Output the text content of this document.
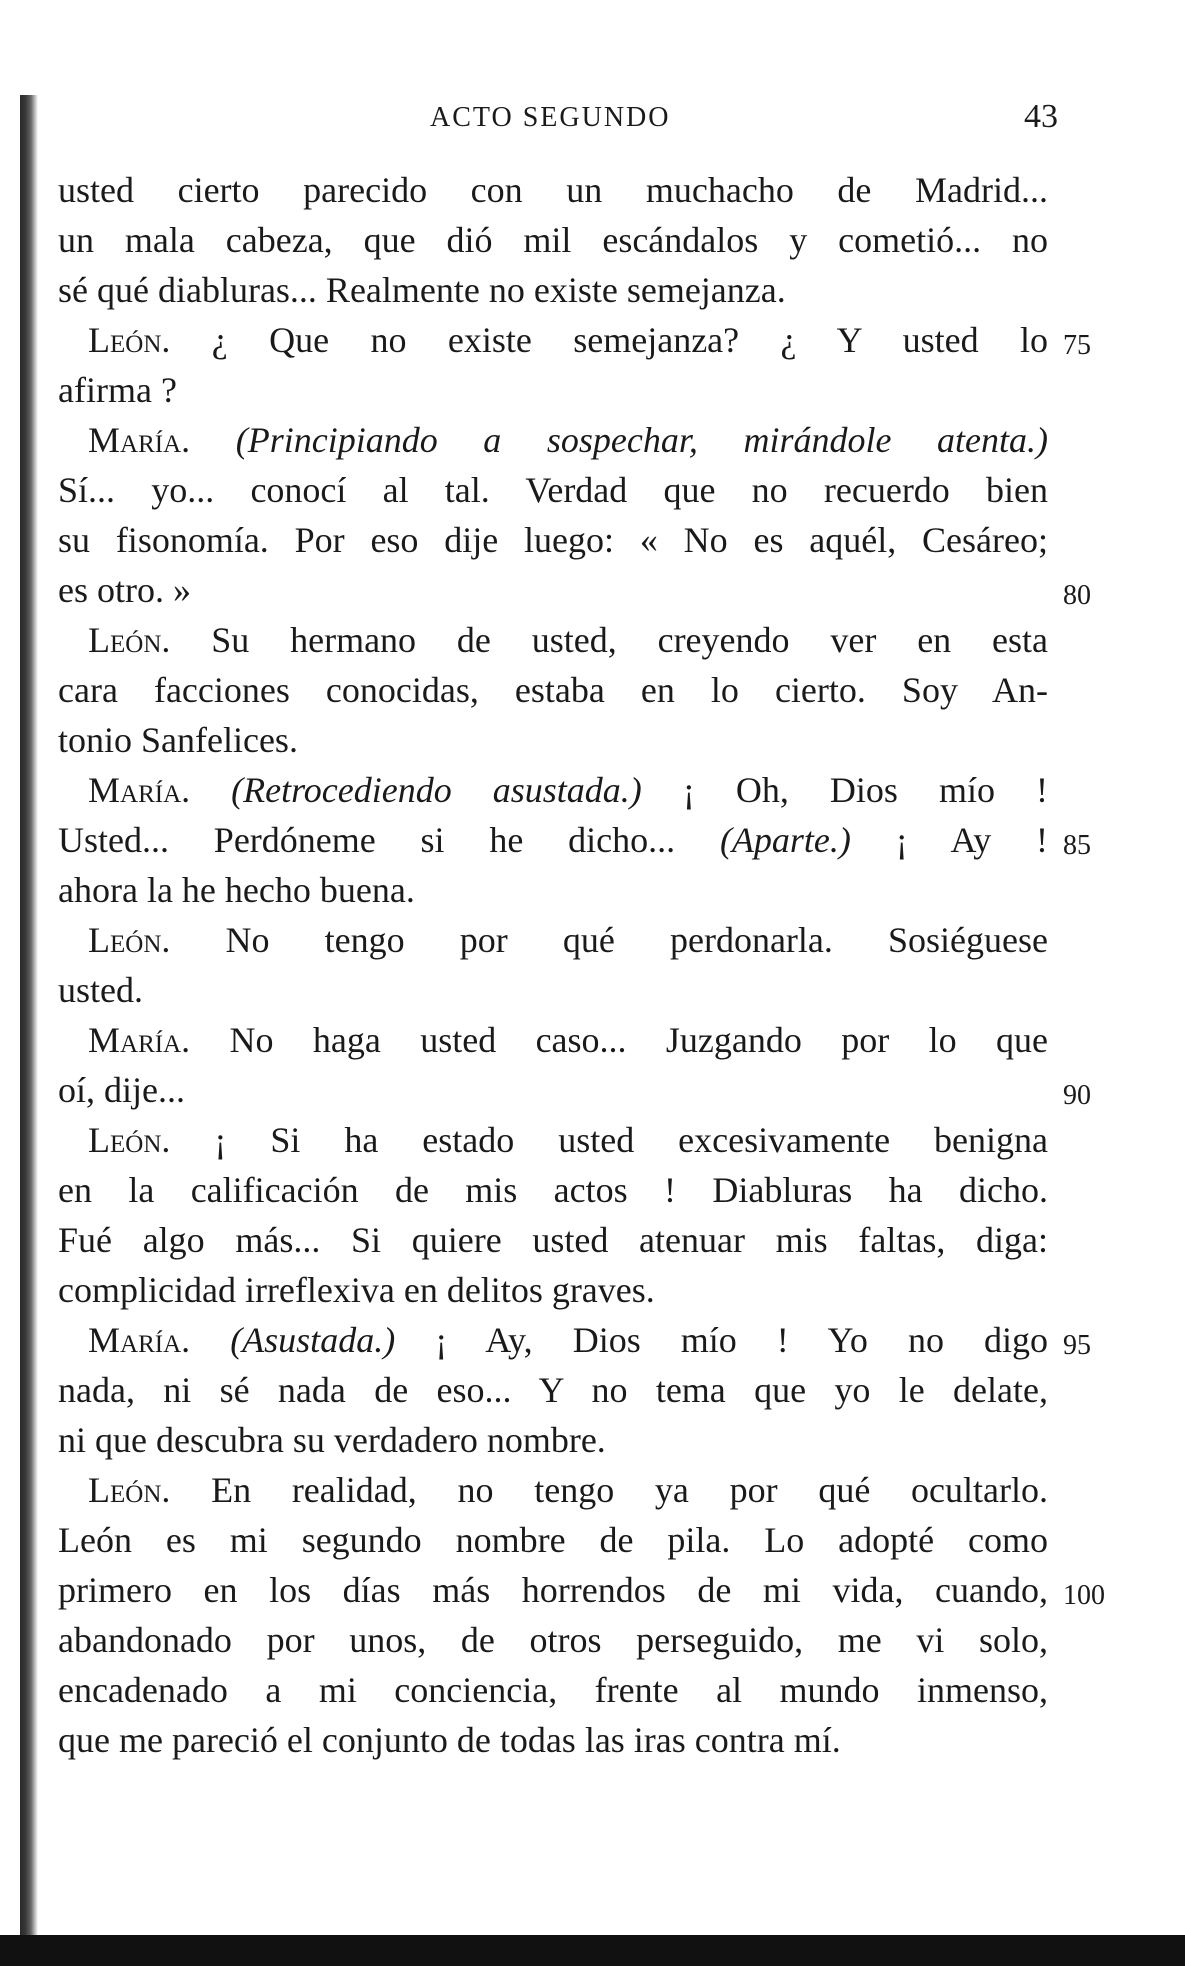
ACTO SEGUNDO	43
usted cierto parecido con un muchacho de Madrid...
un mala cabeza, que dió mil escándalos y cometió... no
sé qué diabluras... Realmente no existe semejanza.
León. ¿ Que no existe semejanza? ¿ Y usted lo
afirma ?
María. (Principiando a sospechar, mirándole atenta.)
Sí... yo... conocí al tal. Verdad que no recuerdo bien
su fisonomía. Por eso dije luego: « No es aquél, Cesáreo;
es otro. »
León. Su hermano de usted, creyendo ver en esta
cara facciones conocidas, estaba en lo cierto. Soy An-
tonio Sanfelices.
María. (Retrocediendo asustada.) ¡ Oh, Dios mío !
Usted... Perdóneme si he dicho... (Aparte.) ¡ Ay !
ahora la he hecho buena.
León. No tengo por qué perdonarla. Sosiéguese
usted.
María. No haga usted caso... Juzgando por lo que
oí, dije...
León. ¡ Si ha estado usted excesivamente benigna
en la calificación de mis actos ! Diabluras ha dicho.
Fué algo más... Si quiere usted atenuar mis faltas, diga:
complicidad irreflexiva en delitos graves.
María. (Asustada.) ¡ Ay, Dios mío ! Yo no digo
nada, ni sé nada de eso... Y no tema que yo le delate,
ni que descubra su verdadero nombre.
León. En realidad, no tengo ya por qué ocultarlo.
León es mi segundo nombre de pila. Lo adopté como
primero en los días más horrendos de mi vida, cuando,
abandonado por unos, de otros perseguido, me vi solo,
encadenado a mi conciencia, frente al mundo inmenso,
que me pareció el conjunto de todas las iras contra mí.
75
80
85
90
95
100
